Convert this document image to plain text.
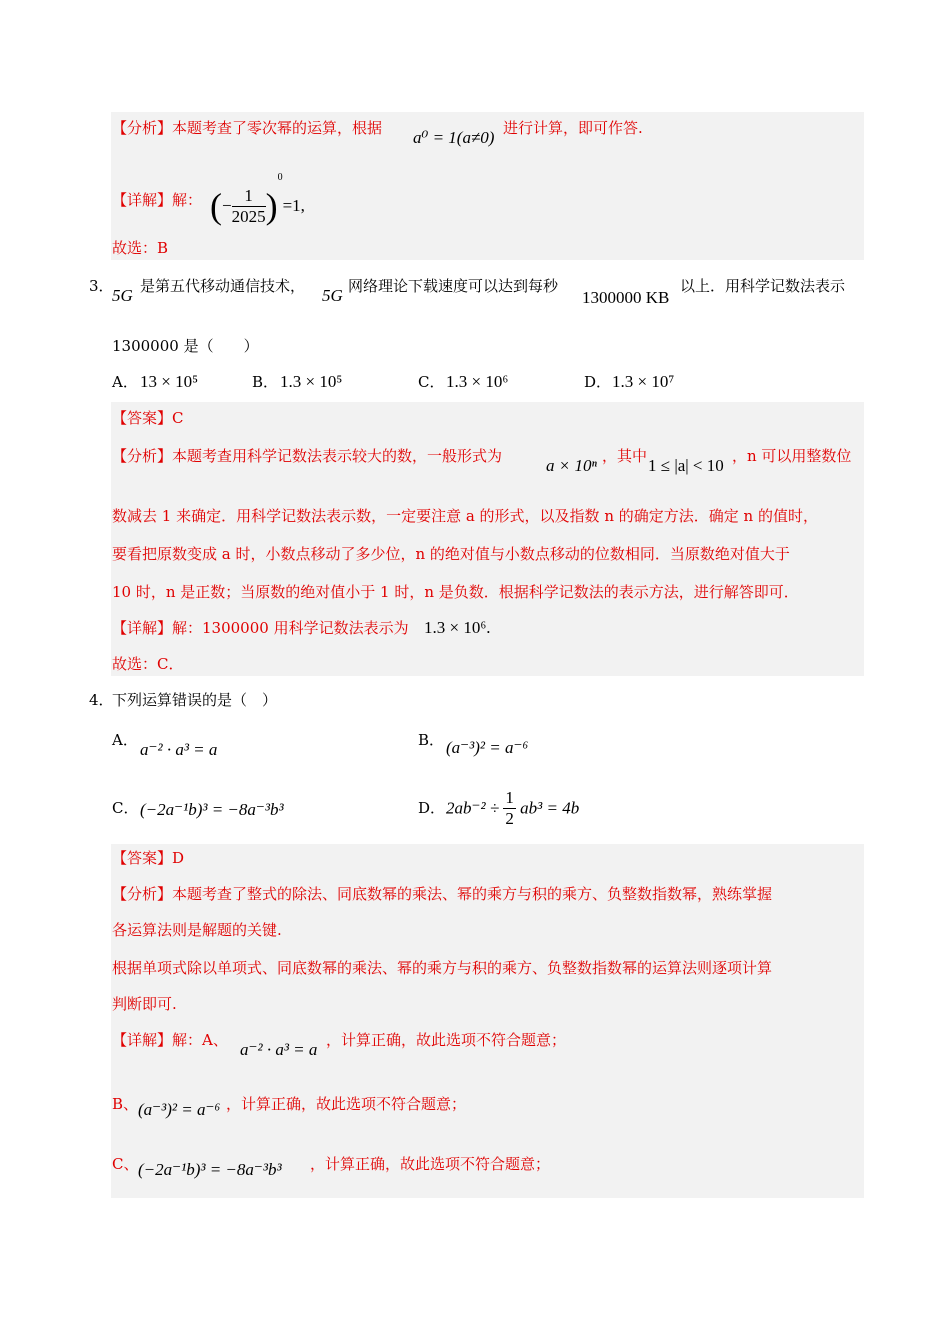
【分析】本题考查了零次幂的运算，根据 a⁰ = 1(a≠0) 进行计算，即可作答.
【详解】解： (− $\frac{1}{2025} )^0=1$,
故选：B
3．
5G 是第五代移动通信技术， 5G 网络理论下载速度可以达到每秒
1300000 KB
以上．用科学记数法表示
1300000 是（　　）
A． 13 × 10⁵	B． 1.3 × 10⁵	C． 1.3 × 10⁶	D． 1.3 × 10⁷
【答案】C
【分析】本题考查用科学记数法表示较大的数，一般形式为	a × 10ⁿ ，其中 1 ≤ |a| < 10 ，n 可以用整数位
数减去 1 来确定．用科学记数法表示数，一定要注意 a 的形式，以及指数 n 的确定方法．确定 n 的值时，
要看把原数变成 a 时，小数点移动了多少位，n 的绝对值与小数点移动的位数相同．当原数绝对值大于
10 时，n 是正数；当原数的绝对值小于 1 时，n 是负数．根据科学记数法的表示方法，进行解答即可．
【详解】解：1300000 用科学记数法表示为 1.3 × 10⁶.
故选：C．
4．
下列运算错误的是（　）
A． a⁻² · a³ = a	B． (a⁻³)² = a⁻⁶
C． (−2a⁻¹b)³ = −8a⁻³b³	D． $2ab^{-2} \div \frac{1}{2} ab^3 = 4b$
【答案】D
【分析】本题考查了整式的除法、同底数幂的乘法、幂的乘方与积的乘方、负整数指数幂，熟练掌握
各运算法则是解题的关键.
根据单项式除以单项式、同底数幂的乘法、幂的乘方与积的乘方、负整数指数幂的运算法则逐项计算
判断即可.
【详解】解：A、 a⁻² · a³ = a ，计算正确，故此选项不符合题意；
B、 (a⁻³)² = a⁻⁶ ，计算正确，故此选项不符合题意；
C、 (−2a⁻¹b)³ = −8a⁻³b³ ，计算正确，故此选项不符合题意；
